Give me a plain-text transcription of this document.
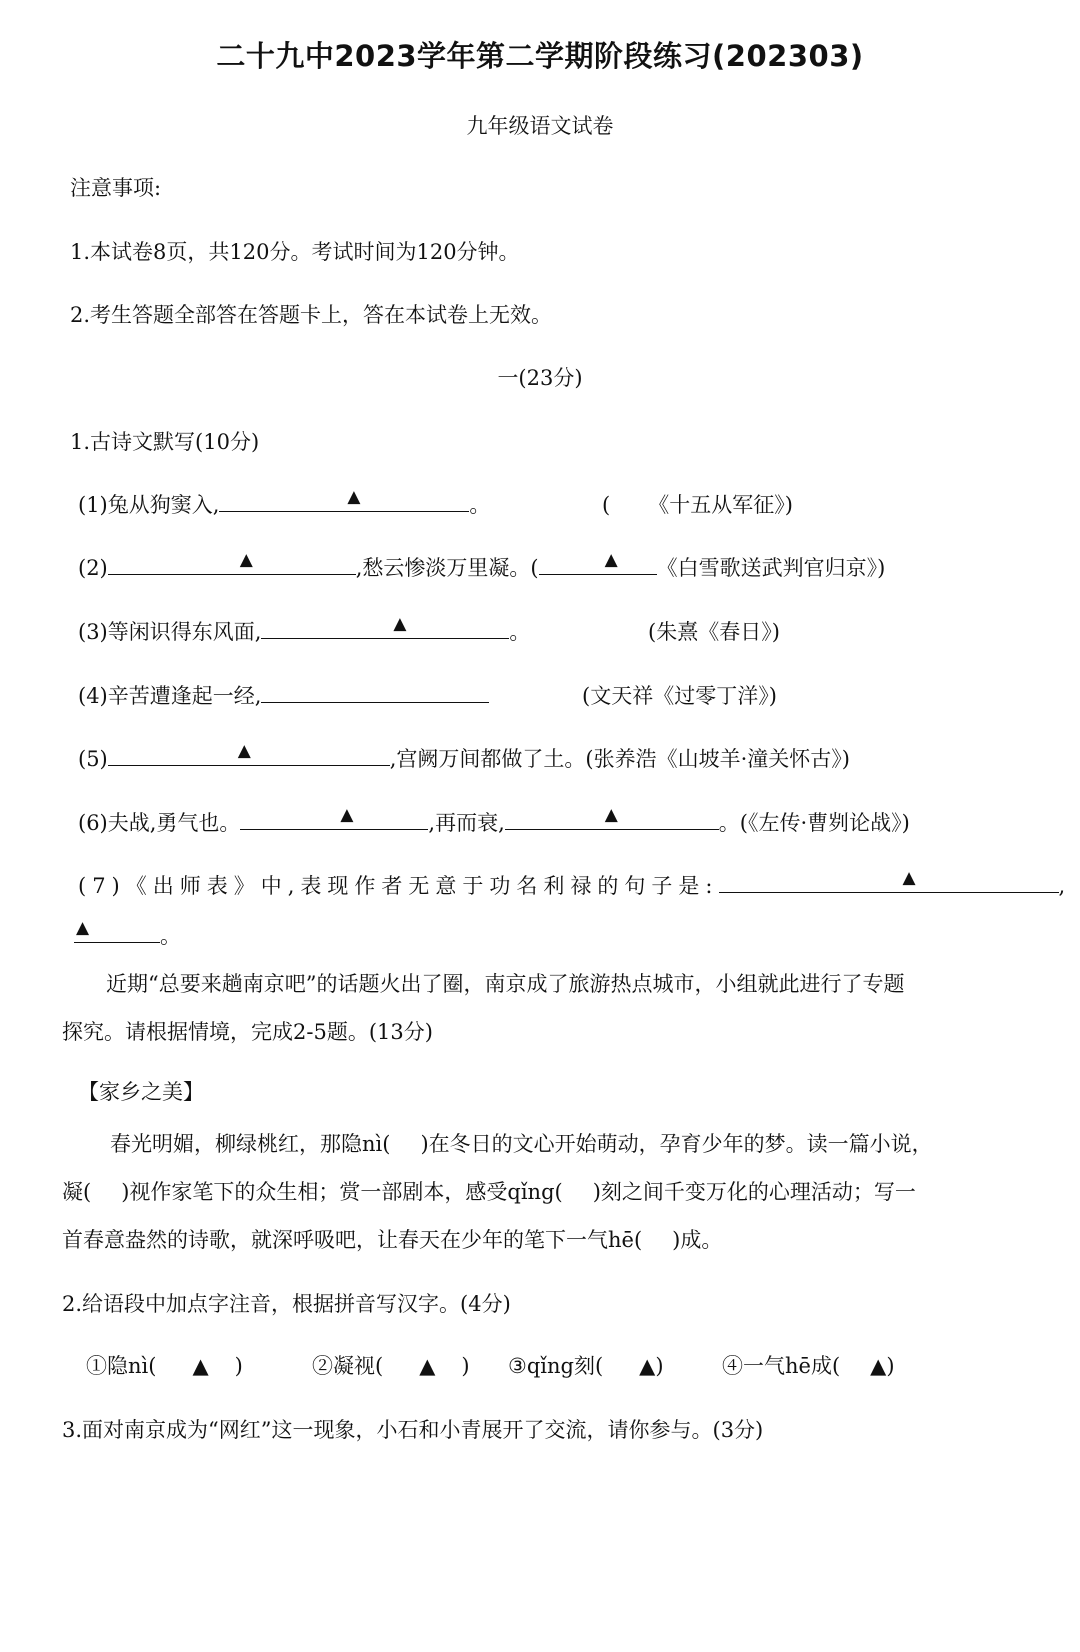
二十九中2023学年第二学期阶段练习(202303)
九年级语文试卷
注意事项:
1.本试卷8页，共120分。考试时间为120分钟。
2.考生答题全部答在答题卡上，答在本试卷上无效。
一(23分)
1.古诗文默写(10分)
(1)兔从狗窦入,	▲	。	( 《十五从军征》)
(2)	▲	,愁云惨淡万里凝。(	▲ 《白雪歌送武判官归京》)
(3)等闲识得东风面,	▲	。	(朱熹《春日》)
(4)辛苦遭逢起一经,	(文天祥《过零丁洋》)
(5)	▲	,宫阙万间都做了土。(张养浩《山坡羊·潼关怀古》)
(6)夫战,勇气也。	▲	,再而衰,	▲	。(《左传·曹刿论战》)
(7)《出师表》中,表现作者无意于功名利禄的句子是:	▲	,
▲	。
近期“总要来趟南京吧”的话题火出了圈，南京成了旅游热点城市，小组就此进行了专题
探究。请根据情境，完成2-5题。(13分)
【家乡之美】
春光明媚，柳绿桃红，那隐nì( )在冬日的文心开始萌动，孕育少年的梦。读一篇小说，
凝( )视作家笔下的众生相；赏一部剧本，感受qǐng( )刻之间千变万化的心理活动；写一
首春意盎然的诗歌，就深呼吸吧，让春天在少年的笔下一气hē( )成。
2.给语段中加点字注音，根据拼音写汉字。(4分)
①隐nì( ▲ )	②凝视( ▲ ) ③qǐng刻( ▲)	④一气hē成( ▲)
3.面对南京成为“网红”这一现象，小石和小青展开了交流，请你参与。(3分)
